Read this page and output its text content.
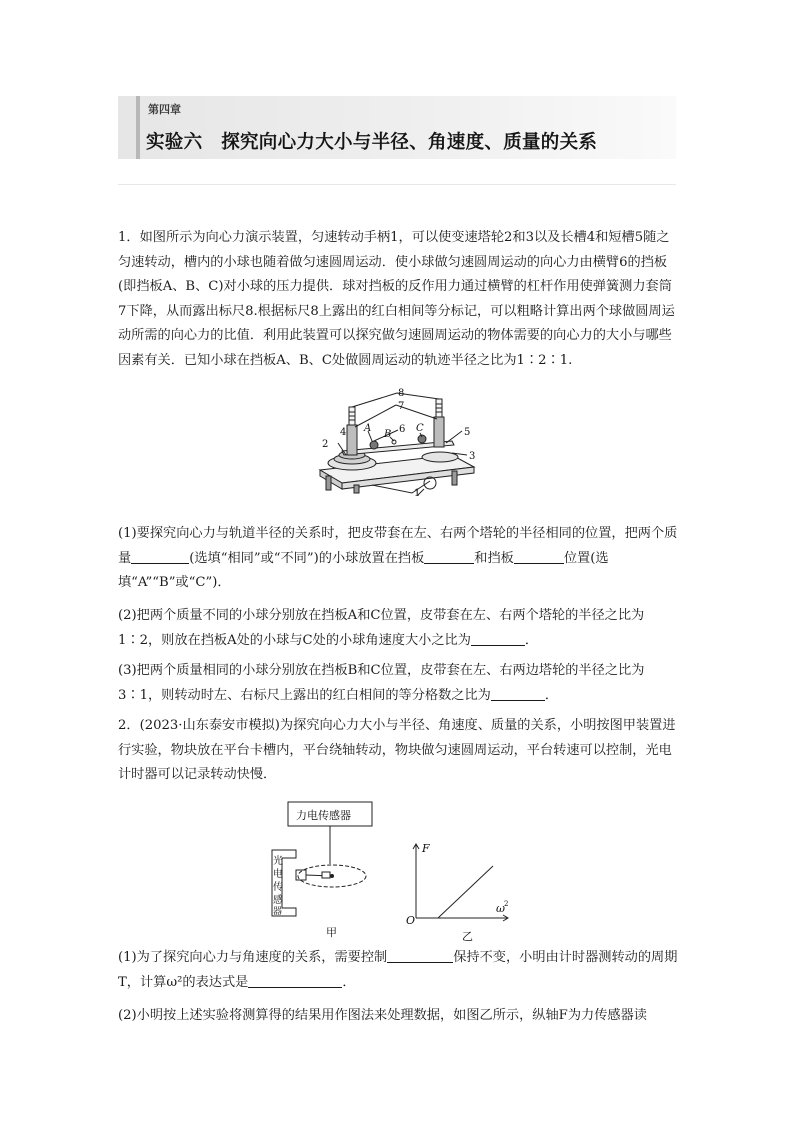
第四章
实验六　探究向心力大小与半径、角速度、质量的关系

1．如图所示为向心力演示装置，匀速转动手柄1，可以使变速塔轮2和3以及长槽4和短槽5随之匀速转动，槽内的小球也随着做匀速圆周运动．使小球做匀速圆周运动的向心力由横臂6的挡板(即挡板A、B、C)对小球的压力提供．球对挡板的反作用力通过横臂的杠杆作用使弹簧测力套筒7下降，从而露出标尺8.根据标尺8上露出的红白相间等分标记，可以粗略计算出两个球做圆周运动所需的向心力的比值．利用此装置可以探究做匀速圆周运动的物体需要的向心力的大小与哪些因素有关．已知小球在挡板A、B、C处做圆周运动的轨迹半径之比为1∶2∶1.

8
7
6
4	5
2
3
1
A
B
C

(1)要探究向心力与轨道半径的关系时，把皮带套在左、右两个塔轮的半径相同的位置，把两个质量	(选填“相同”或“不同”)的小球放置在挡板	和挡板	位置(选填“A”“B”或“C”)．

(2)把两个质量不同的小球分别放在挡板A和C位置，皮带套在左、右两个塔轮的半径之比为1∶2，则放在挡板A处的小球与C处的小球角速度大小之比为	．

(3)把两个质量相同的小球分别放在挡板B和C位置，皮带套在左、右两边塔轮的半径之比为3∶1，则转动时左、右标尺上露出的红白相间的等分格数之比为	．

2．(2023·山东泰安市模拟)为探究向心力大小与半径、角速度、质量的关系，小明按图甲装置进行实验，物块放在平台卡槽内，平台绕轴转动，物块做匀速圆周运动，平台转速可以控制，光电计时器可以记录转动快慢．

力电传感器
光
电
传
感
器
F
O
ω 2
甲	乙

(1)为了探究向心力与角速度的关系，需要控制	保持不变，小明由计时器测转动的周期T，计算ω²的表达式是	．

(2)小明按上述实验将测算得的结果用作图法来处理数据，如图乙所示，纵轴F为力传感器读
